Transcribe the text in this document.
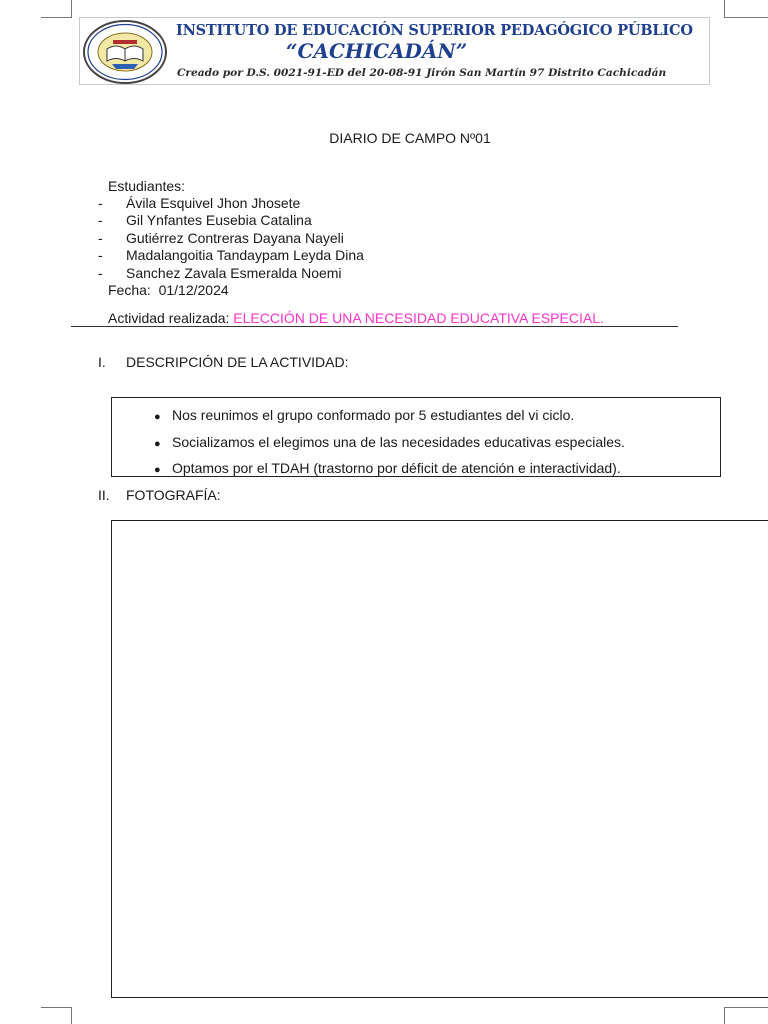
INSTITUTO DE EDUCACIÓN SUPERIOR PEDAGÓGICO PÚBLICO
“CACHICADÁN”
Creado por D.S. 0021-91-ED del 20-08-91 Jirón San Martín 97 Distrito Cachicadán
DIARIO DE CAMPO Nº01
Estudiantes:
- Ávila Esquivel Jhon Jhosete
- Gil Ynfantes Eusebia Catalina
- Gutiérrez Contreras Dayana Nayeli
- Madalangoitia Tandaypam Leyda Dina
- Sanchez Zavala Esmeralda Noemi
Fecha: 01/12/2024
Actividad realizada: ELECCIÓN DE UNA NECESIDAD EDUCATIVA ESPECIAL.
I. DESCRIPCIÓN DE LA ACTIVIDAD:
● Nos reunimos el grupo conformado por 5 estudiantes del vi ciclo.
● Socializamos el elegimos una de las necesidades educativas especiales.
● Optamos por el TDAH (trastorno por déficit de atención e interactividad).
II. FOTOGRAFÍA:
